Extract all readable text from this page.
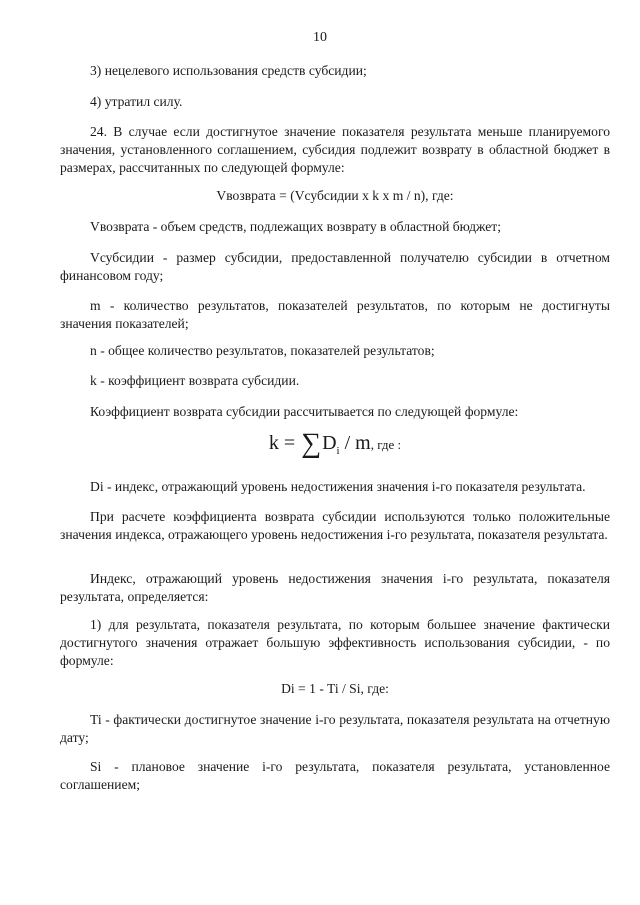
10
3) нецелевого использования средств субсидии;
4) утратил силу.
24. В случае если достигнутое значение показателя результата меньше планируемого значения, установленного соглашением, субсидия подлежит возврату в областной бюджет в размерах, рассчитанных по следующей формуле:
Vвозврата = (Vсубсидии x k x m / n), где:
Vвозврата - объем средств, подлежащих возврату в областной бюджет;
Vсубсидии - размер субсидии, предоставленной получателю субсидии в отчетном финансовом году;
m - количество результатов, показателей результатов, по которым не достигнуты значения показателей;
n - общее количество результатов, показателей результатов;
k - коэффициент возврата субсидии.
Коэффициент возврата субсидии рассчитывается по следующей формуле:
$k = \sum D_i / m$, где :
Di - индекс, отражающий уровень недостижения значения i-го показателя результата.
При расчете коэффициента возврата субсидии используются только положительные значения индекса, отражающего уровень недостижения i-го результата, показателя результата.
Индекс, отражающий уровень недостижения значения i-го результата, показателя результата, определяется:
1) для результата, показателя результата, по которым большее значение фактически достигнутого значения отражает большую эффективность использования субсидии, - по формуле:
Di = 1 - Ti / Si, где:
Ti - фактически достигнутое значение i-го результата, показателя результата на отчетную дату;
Si - плановое значение i-го результата, показателя результата, установленное соглашением;
